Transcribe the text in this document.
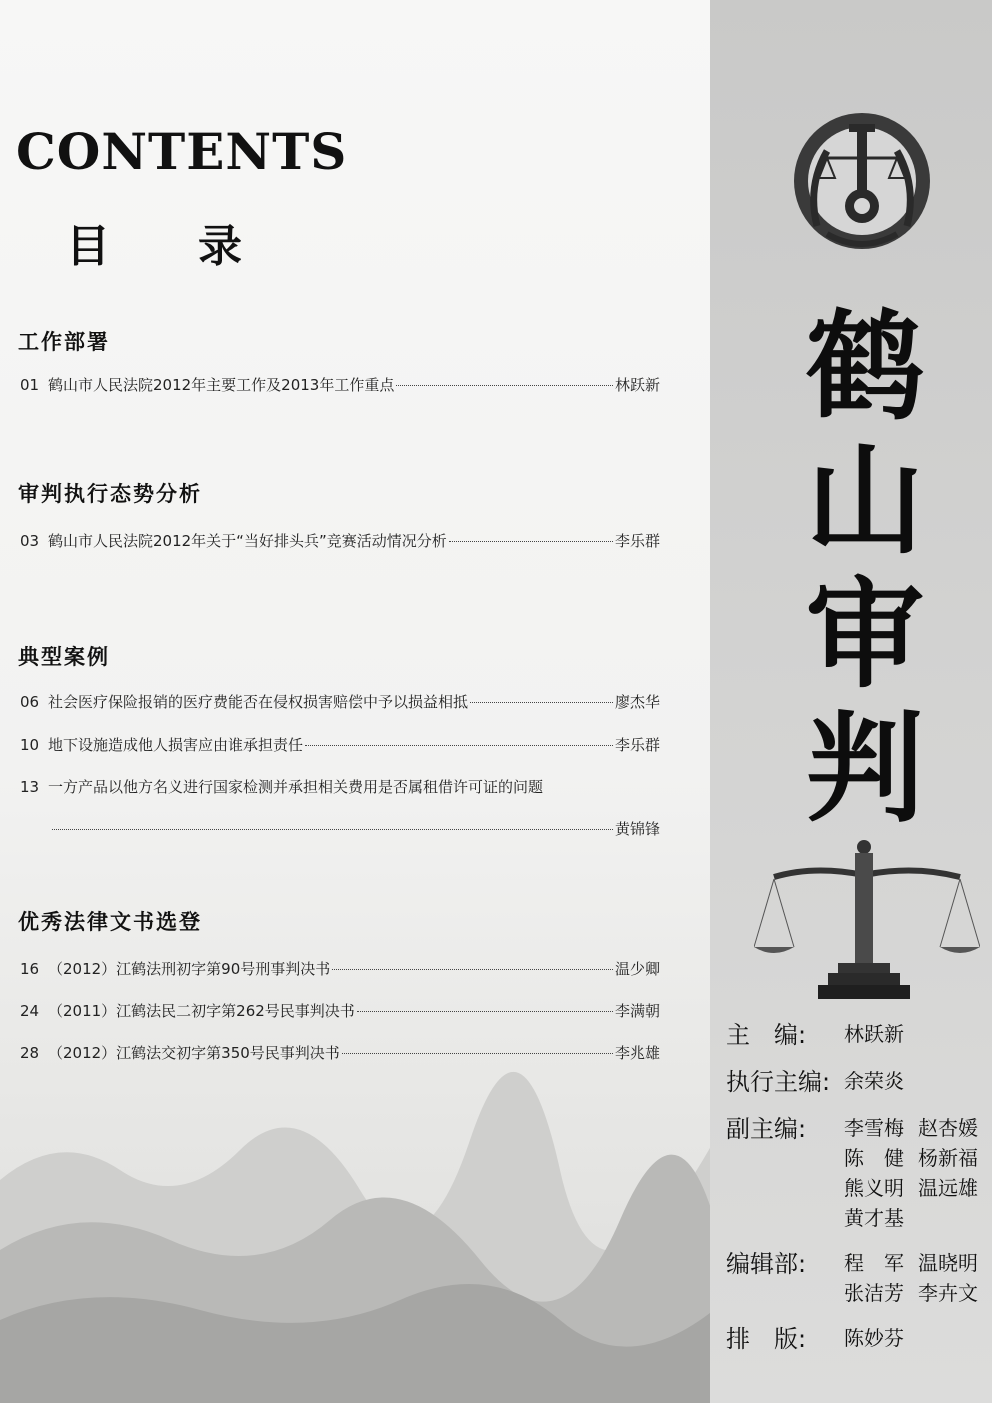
CONTENTS
目录
工作部署
01 鹤山市人民法院2012年主要工作及2013年工作重点	林跃新
审判执行态势分析
03 鹤山市人民法院2012年关于“当好排头兵”竞赛活动情况分析	李乐群
典型案例
06 社会医疗保险报销的医疗费能否在侵权损害赔偿中予以损益相抵	廖杰华
10 地下设施造成他人损害应由谁承担责任	李乐群
13 一方产品以他方名义进行国家检测并承担相关费用是否属租借许可证的问题
黄锦锋
优秀法律文书选登
16 （2012）江鹤法刑初字第90号刑事判决书	温少卿
24 （2011）江鹤法民二初字第262号民事判决书	李满朝
28 （2012）江鹤法交初字第350号民事判决书	李兆雄
鹤
山
审
判
主　编:	林跃新
执行主编: 余荣炎
副主编:	李雪梅 赵杏媛
陈　健 杨新福
熊义明 温远雄
黄才基
编辑部:	程　军 温晓明
张洁芳 李卉文
排　版:	陈妙芬
